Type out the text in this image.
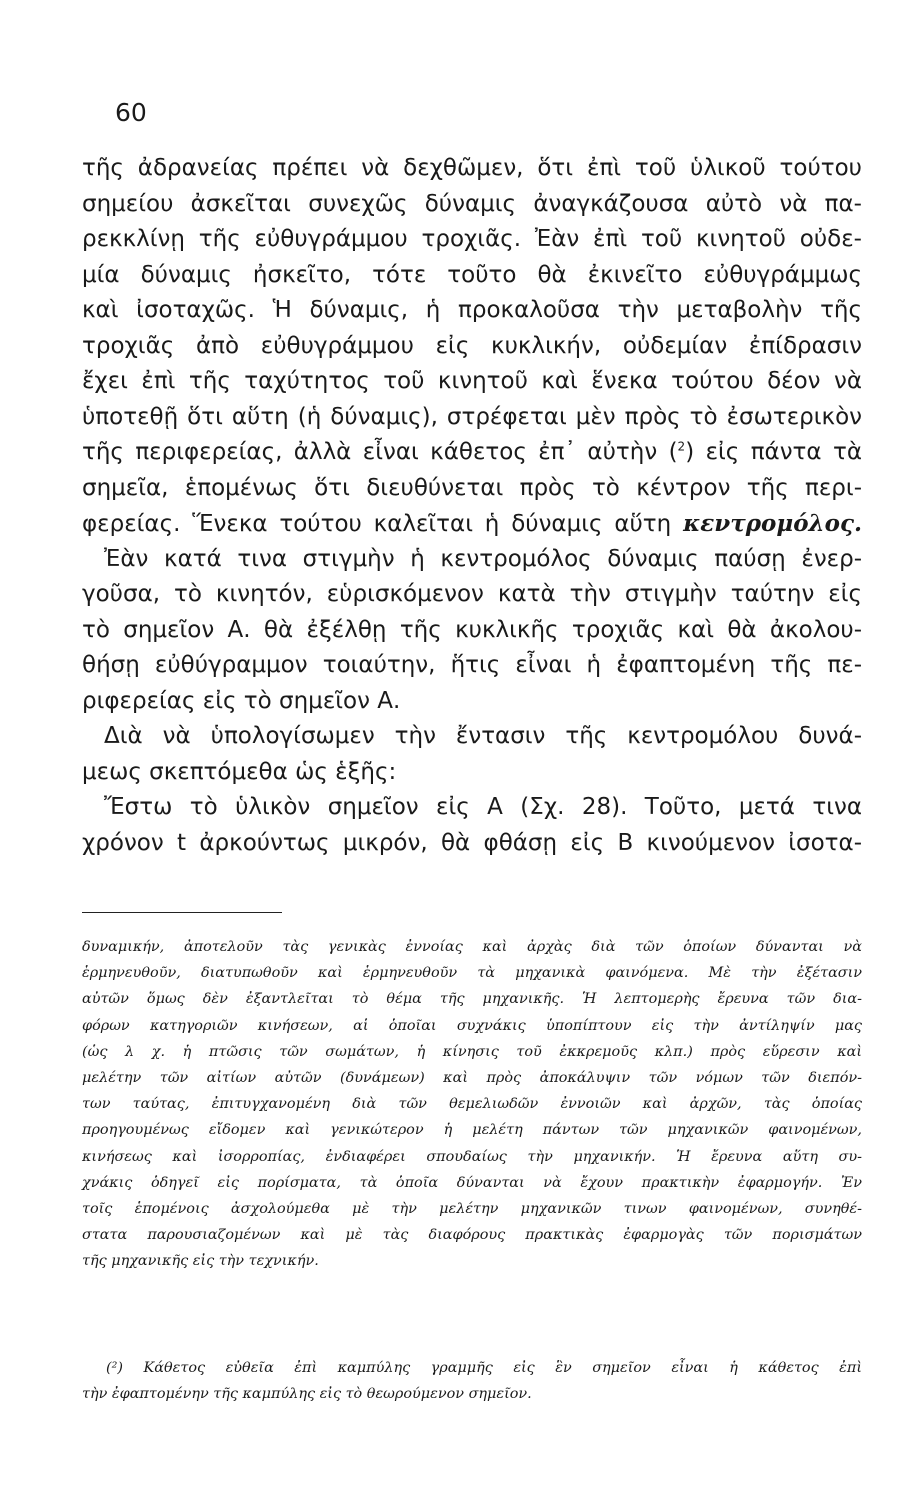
60
τῆς ἀδρανείας πρέπει νὰ δεχθῶμεν, ὅτι ἐπὶ τοῦ ὑλικοῦ τούτου
σημείου ἀσκεῖται συνεχῶς δύναμις ἀναγκάζουσα αὐτὸ νὰ πα-
ρεκκλίνῃ τῆς εὐθυγράμμου τροχιᾶς. Ἐὰν ἐπὶ τοῦ κινητοῦ οὐδε-
μία δύναμις ἠσκεῖτο, τότε τοῦτο θὰ ἐκινεῖτο εὐθυγράμμως
καὶ ἰσοταχῶς. Ἡ δύναμις, ἡ προκαλοῦσα τὴν μεταβολὴν τῆς
τροχιᾶς ἀπὸ εὐθυγράμμου εἰς κυκλικήν, οὐδεμίαν ἐπίδρασιν
ἔχει ἐπὶ τῆς ταχύτητος τοῦ κινητοῦ καὶ ἕνεκα τούτου δέον νὰ
ὑποτεθῇ ὅτι αὕτη (ἡ δύναμις), στρέφεται μὲν πρὸς τὸ ἐσωτερικὸν
τῆς περιφερείας, ἀλλὰ εἶναι κάθετος ἐπ᾽ αὐτὴν ($^2$) εἰς πάντα τὰ
σημεῖα, ἑπομένως ὅτι διευθύνεται πρὸς τὸ κέντρον τῆς περι-
φερείας. Ἕνεκα τούτου καλεῖται ἡ δύναμις αὕτη κεντρομόλος.
Ἐὰν κατά τινα στιγμὴν ἡ κεντρομόλος δύναμις παύσῃ ἐνερ-
γοῦσα, τὸ κινητόν, εὑρισκόμενον κατὰ τὴν στιγμὴν ταύτην εἰς
τὸ σημεῖον Α. θὰ ἐξέλθῃ τῆς κυκλικῆς τροχιᾶς καὶ θὰ ἀκολου-
θήσῃ εὐθύγραμμον τοιαύτην, ἥτις εἶναι ἡ ἐφαπτομένη τῆς πε-
ριφερείας εἰς τὸ σημεῖον Α.
Διὰ νὰ ὑπολογίσωμεν τὴν ἔντασιν τῆς κεντρομόλου δυνά-
μεως σκεπτόμεθα ὡς ἑξῆς:
Ἔστω τὸ ὑλικὸν σημεῖον εἰς Α (Σχ. 28). Τοῦτο, μετά τινα
χρόνον t ἀρκούντως μικρόν, θὰ φθάσῃ εἰς Β κινούμενον ἰσοτα-
δυναμικήν, ἀποτελοῦν τὰς γενικὰς ἐννοίας καὶ ἀρχὰς διὰ τῶν ὁποίων δύνανται νὰ
ἑρμηνευθοῦν, διατυπωθοῦν καὶ ἑρμηνευθοῦν τὰ μηχανικὰ φαινόμενα. Μὲ τὴν ἐξέτασιν
αὐτῶν ὅμως δὲν ἐξαντλεῖται τὸ θέμα τῆς μηχανικῆς. Ἡ λεπτομερὴς ἔρευνα τῶν δια-
φόρων κατηγοριῶν κινήσεων, αἱ ὁποῖαι συχνάκις ὑποπίπτουν εἰς τὴν ἀντίληψίν μας
(ὡς λ χ. ἡ πτῶσις τῶν σωμάτων, ἡ κίνησις τοῦ ἐκκρεμοῦς κλπ.) πρὸς εὕρεσιν καὶ
μελέτην τῶν αἰτίων αὐτῶν (δυνάμεων) καὶ πρὸς ἀποκάλυψιν τῶν νόμων τῶν διεπόν-
των ταύτας, ἐπιτυγχανομένη διὰ τῶν θεμελιωδῶν ἐννοιῶν καὶ ἀρχῶν, τὰς ὁποίας
προηγουμένως εἴδομεν καὶ γενικώτερον ἡ μελέτη πάντων τῶν μηχανικῶν φαινομένων,
κινήσεως καὶ ἰσορροπίας, ἐνδιαφέρει σπουδαίως τὴν μηχανικήν. Ἡ ἔρευνα αὕτη συ-
χνάκις ὁδηγεῖ εἰς πορίσματα, τὰ ὁποῖα δύνανται νὰ ἔχουν πρακτικὴν ἐφαρμογήν. Ἐν
τοῖς ἑπομένοις ἀσχολούμεθα μὲ τὴν μελέτην μηχανικῶν τινων φαινομένων, συνηθέ-
στατα παρουσιαζομένων καὶ μὲ τὰς διαφόρους πρακτικὰς ἐφαρμογὰς τῶν πορισμάτων
τῆς μηχανικῆς εἰς τὴν τεχνικήν.
(²) Κάθετος εὐθεῖα ἐπὶ καμπύλης γραμμῆς εἰς ἓν σημεῖον εἶναι ἡ κάθετος ἐπὶ
τὴν ἐφαπτομένην τῆς καμπύλης εἰς τὸ θεωρούμενον σημεῖον.
